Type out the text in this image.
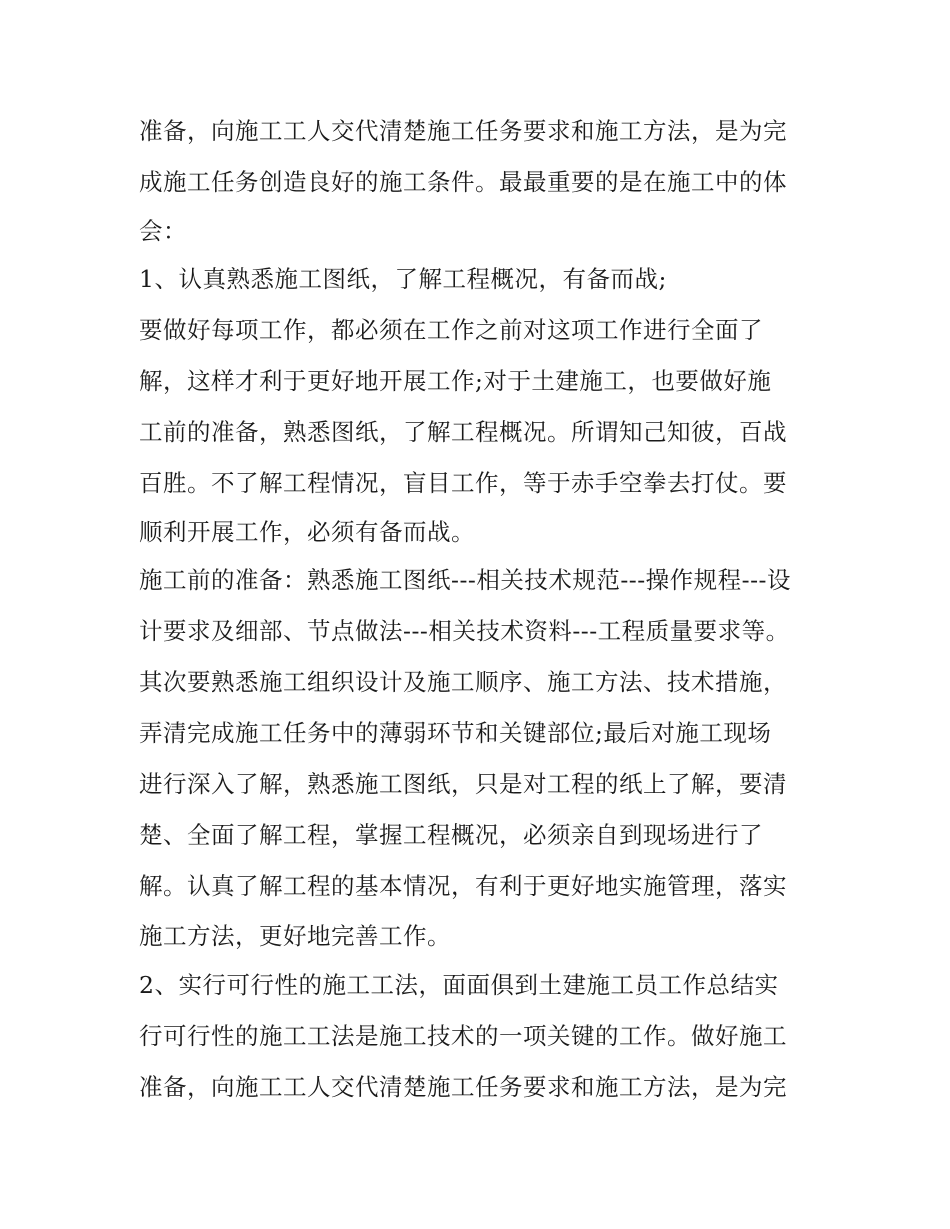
准备，向施工工人交代清楚施工任务要求和施工方法，是为完
成施工任务创造良好的施工条件。最最重要的是在施工中的体
会：
1、认真熟悉施工图纸，了解工程概况，有备而战;
要做好每项工作，都必须在工作之前对这项工作进行全面了
解，这样才利于更好地开展工作;对于土建施工，也要做好施
工前的准备，熟悉图纸，了解工程概况。所谓知己知彼，百战
百胜。不了解工程情况，盲目工作，等于赤手空拳去打仗。要
顺利开展工作，必须有备而战。
施工前的准备：熟悉施工图纸---相关技术规范---操作规程---设
计要求及细部、节点做法---相关技术资料---工程质量要求等。
其次要熟悉施工组织设计及施工顺序、施工方法、技术措施，
弄清完成施工任务中的薄弱环节和关键部位;最后对施工现场
进行深入了解，熟悉施工图纸，只是对工程的纸上了解，要清
楚、全面了解工程，掌握工程概况，必须亲自到现场进行了
解。认真了解工程的基本情况，有利于更好地实施管理，落实
施工方法，更好地完善工作。
2、实行可行性的施工工法，面面俱到土建施工员工作总结实
行可行性的施工工法是施工技术的一项关键的工作。做好施工
准备，向施工工人交代清楚施工任务要求和施工方法，是为完
